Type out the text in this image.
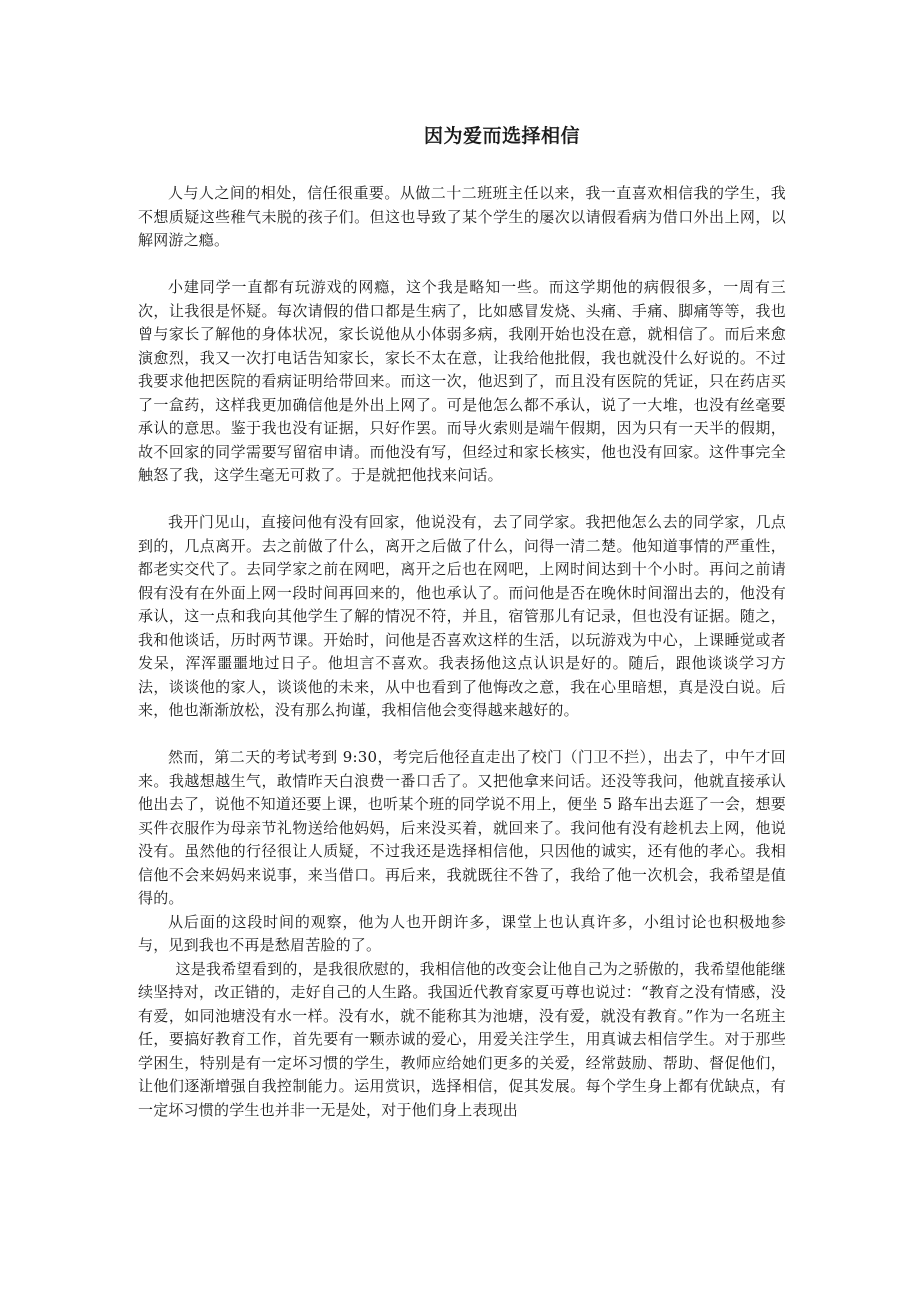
因为爱而选择相信

人与人之间的相处，信任很重要。从做二十二班班主任以来，我一直喜欢相信我的学生，我不想质疑这些稚气未脱的孩子们。但这也导致了某个学生的屡次以请假看病为借口外出上网，以解网游之瘾。

小建同学一直都有玩游戏的网瘾，这个我是略知一些。而这学期他的病假很多，一周有三次，让我很是怀疑。每次请假的借口都是生病了，比如感冒发烧、头痛、手痛、脚痛等等，我也曾与家长了解他的身体状况，家长说他从小体弱多病，我刚开始也没在意，就相信了。而后来愈演愈烈，我又一次打电话告知家长，家长不太在意，让我给他批假，我也就没什么好说的。不过我要求他把医院的看病证明给带回来。而这一次，他迟到了，而且没有医院的凭证，只在药店买了一盒药，这样我更加确信他是外出上网了。可是他怎么都不承认，说了一大堆，也没有丝毫要承认的意思。鉴于我也没有证据，只好作罢。而导火索则是端午假期，因为只有一天半的假期，故不回家的同学需要写留宿申请。而他没有写，但经过和家长核实，他也没有回家。这件事完全触怒了我，这学生毫无可救了。于是就把他找来问话。

我开门见山，直接问他有没有回家，他说没有，去了同学家。我把他怎么去的同学家，几点到的，几点离开。去之前做了什么，离开之后做了什么，问得一清二楚。他知道事情的严重性，都老实交代了。去同学家之前在网吧，离开之后也在网吧，上网时间达到十个小时。再问之前请假有没有在外面上网一段时间再回来的，他也承认了。而问他是否在晚休时间溜出去的，他没有承认，这一点和我向其他学生了解的情况不符，并且，宿管那儿有记录，但也没有证据。随之，我和他谈话，历时两节课。开始时，问他是否喜欢这样的生活，以玩游戏为中心，上课睡觉或者发呆，浑浑噩噩地过日子。他坦言不喜欢。我表扬他这点认识是好的。随后，跟他谈谈学习方法，谈谈他的家人，谈谈他的未来，从中也看到了他悔改之意，我在心里暗想，真是没白说。后来，他也渐渐放松，没有那么拘谨，我相信他会变得越来越好的。

然而，第二天的考试考到 9:30，考完后他径直走出了校门（门卫不拦），出去了，中午才回来。我越想越生气，敢情昨天白浪费一番口舌了。又把他拿来问话。还没等我问，他就直接承认他出去了，说他不知道还要上课，也听某个班的同学说不用上，便坐 5 路车出去逛了一会，想要买件衣服作为母亲节礼物送给他妈妈，后来没买着，就回来了。我问他有没有趁机去上网，他说没有。虽然他的行径很让人质疑，不过我还是选择相信他，只因他的诚实，还有他的孝心。我相信他不会来妈妈来说事，来当借口。再后来，我就既往不咎了，我给了他一次机会，我希望是值得的。

从后面的这段时间的观察，他为人也开朗许多，课堂上也认真许多，小组讨论也积极地参与，见到我也不再是愁眉苦脸的了。

这是我希望看到的，是我很欣慰的，我相信他的改变会让他自己为之骄傲的，我希望他能继续坚持对，改正错的，走好自己的人生路。我国近代教育家夏丏尊也说过：“教育之没有情感，没有爱，如同池塘没有水一样。没有水，就不能称其为池塘，没有爱，就没有教育。”作为一名班主任，要搞好教育工作，首先要有一颗赤诚的爱心，用爱关注学生，用真诚去相信学生。对于那些学困生，特别是有一定坏习惯的学生，教师应给她们更多的关爱，经常鼓励、帮助、督促他们，让他们逐渐增强自我控制能力。运用赏识，选择相信，促其发展。每个学生身上都有优缺点，有一定坏习惯的学生也并非一无是处，对于他们身上表现出
